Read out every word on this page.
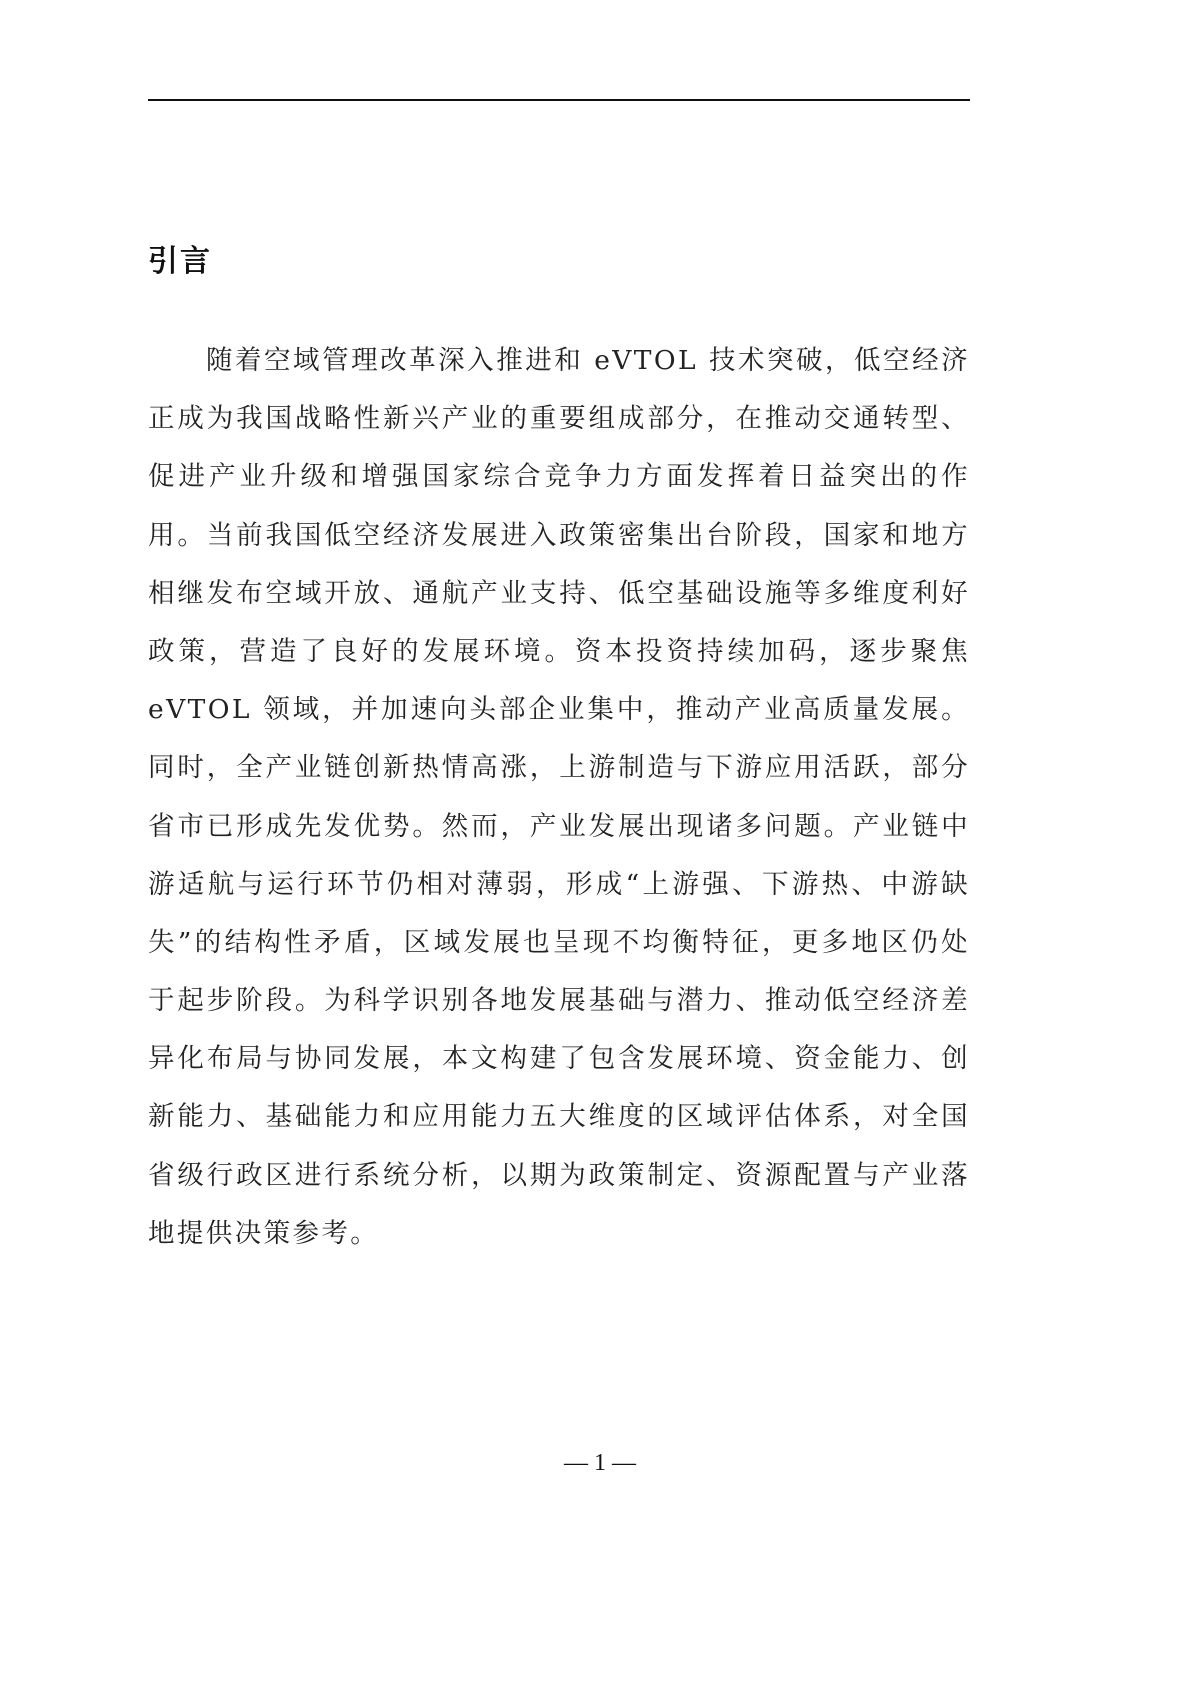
引言
随着空域管理改革深入推进和 eVTOL 技术突破，低空经济
正成为我国战略性新兴产业的重要组成部分，在推动交通转型、
促进产业升级和增强国家综合竞争力方面发挥着日益突出的作
用。当前我国低空经济发展进入政策密集出台阶段，国家和地方
相继发布空域开放、通航产业支持、低空基础设施等多维度利好
政策，营造了良好的发展环境。资本投资持续加码，逐步聚焦
eVTOL 领域，并加速向头部企业集中，推动产业高质量发展。
同时，全产业链创新热情高涨，上游制造与下游应用活跃，部分
省市已形成先发优势。然而，产业发展出现诸多问题。产业链中
游适航与运行环节仍相对薄弱，形成“上游强、下游热、中游缺
失”的结构性矛盾，区域发展也呈现不均衡特征，更多地区仍处
于起步阶段。为科学识别各地发展基础与潜力、推动低空经济差
异化布局与协同发展，本文构建了包含发展环境、资金能力、创
新能力、基础能力和应用能力五大维度的区域评估体系，对全国
省级行政区进行系统分析，以期为政策制定、资源配置与产业落
地提供决策参考。
— 1 —
